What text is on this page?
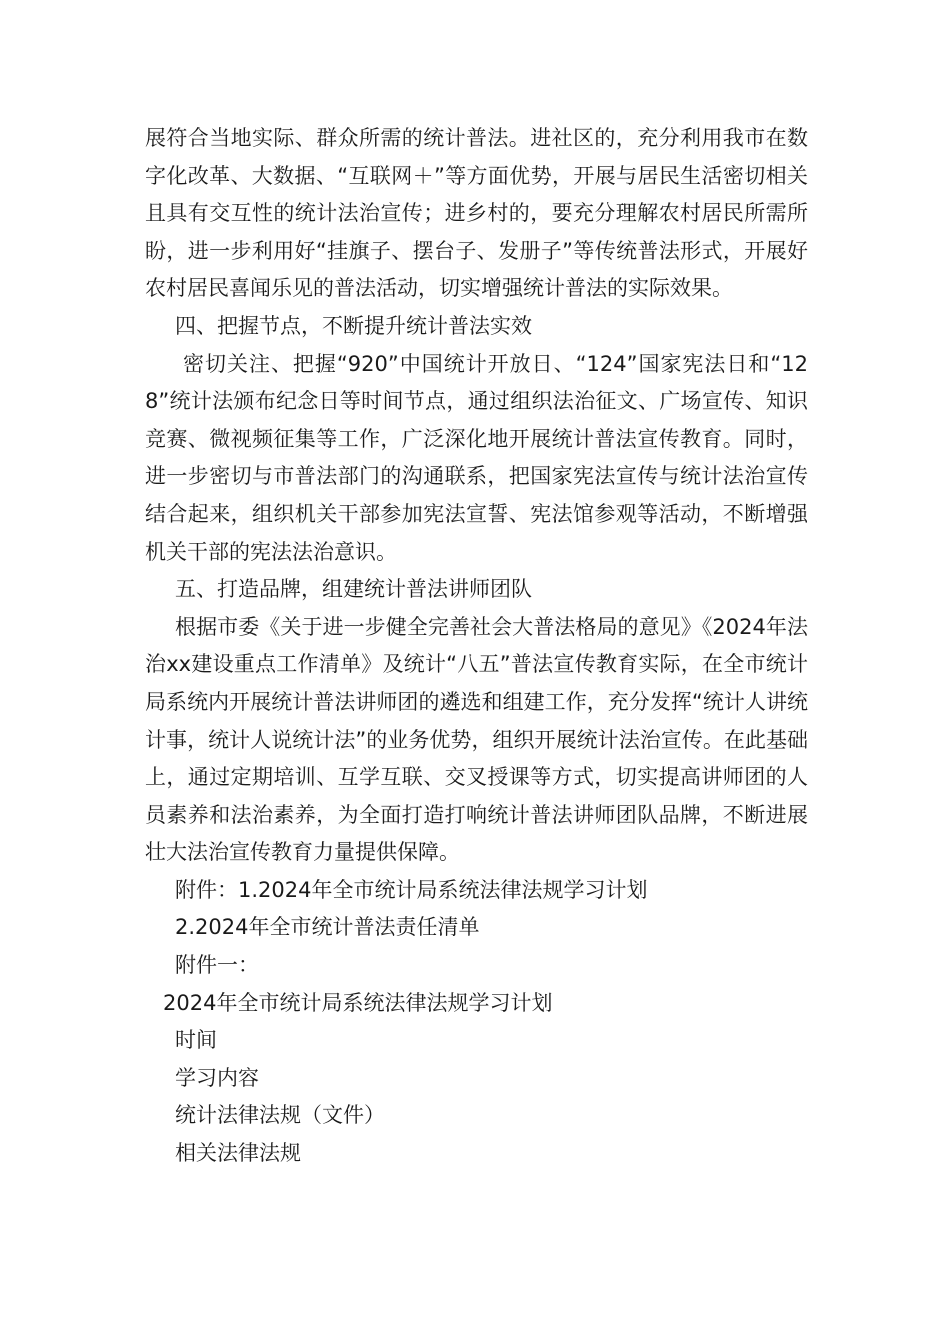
展符合当地实际、群众所需的统计普法。进社区的，充分利用我市在数字化改革、大数据、“互联网＋”等方面优势，开展与居民生活密切相关且具有交互性的统计法治宣传；进乡村的，要充分理解农村居民所需所盼，进一步利用好“挂旗子、摆台子、发册子”等传统普法形式，开展好农村居民喜闻乐见的普法活动，切实增强统计普法的实际效果。

四、把握节点，不断提升统计普法实效

密切关注、把握“920”中国统计开放日、“124”国家宪法日和“128”统计法颁布纪念日等时间节点，通过组织法治征文、广场宣传、知识竞赛、微视频征集等工作，广泛深化地开展统计普法宣传教育。同时，进一步密切与市普法部门的沟通联系，把国家宪法宣传与统计法治宣传结合起来，组织机关干部参加宪法宣誓、宪法馆参观等活动，不断增强机关干部的宪法法治意识。

五、打造品牌，组建统计普法讲师团队

根据市委《关于进一步健全完善社会大普法格局的意见》《2024年法治xx建设重点工作清单》及统计“八五”普法宣传教育实际，在全市统计局系统内开展统计普法讲师团的遴选和组建工作，充分发挥“统计人讲统计事，统计人说统计法”的业务优势，组织开展统计法治宣传。在此基础上，通过定期培训、互学互联、交叉授课等方式，切实提高讲师团的人员素养和法治素养，为全面打造打响统计普法讲师团队品牌，不断进展壮大法治宣传教育力量提供保障。

附件：1.2024年全市统计局系统法律法规学习计划
2.2024年全市统计普法责任清单
附件一：
2024年全市统计局系统法律法规学习计划
时间
学习内容
统计法律法规（文件）
相关法律法规
